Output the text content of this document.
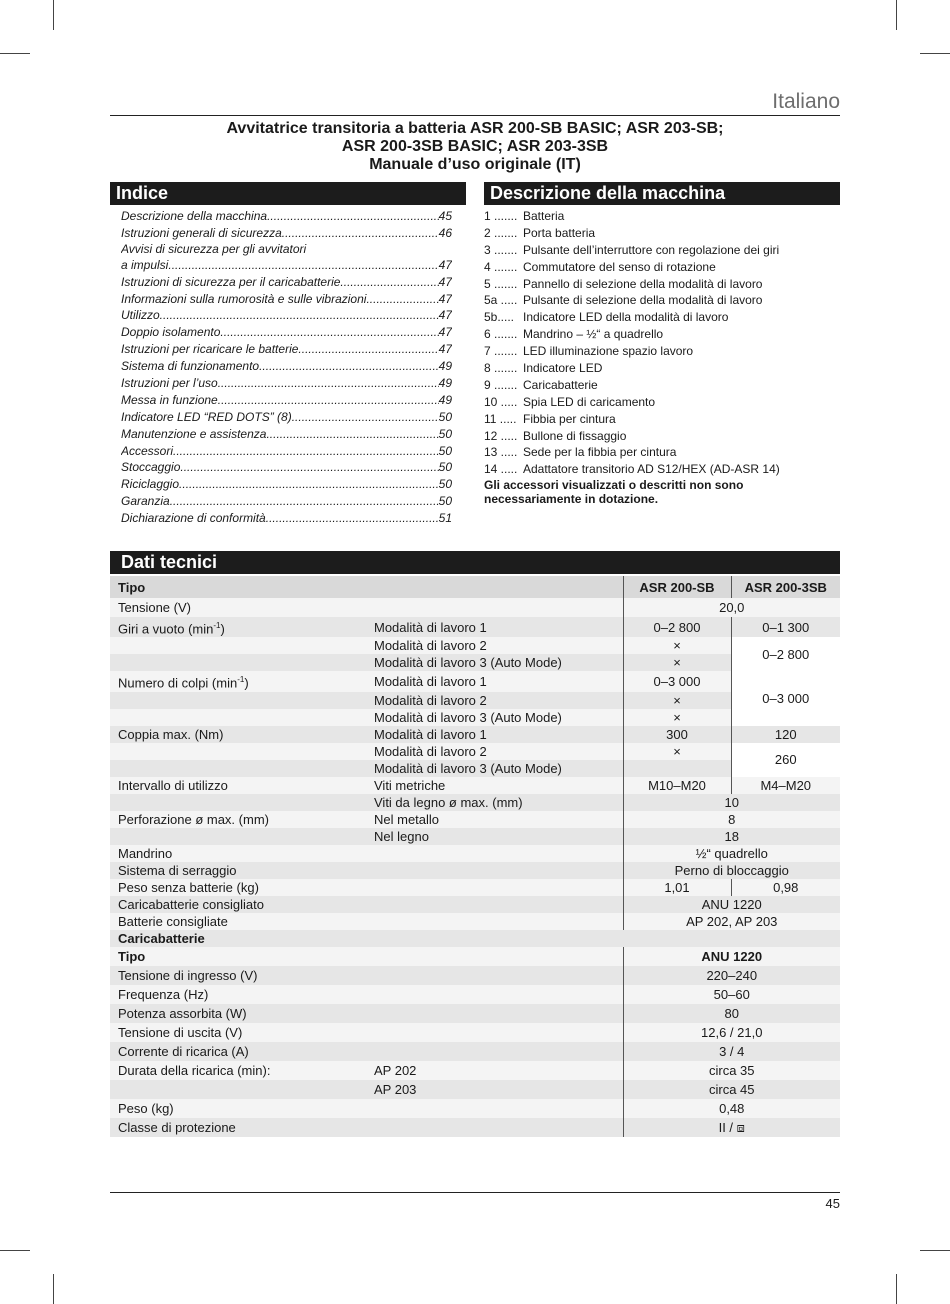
Italiano
Avvitatrice transitoria a batteria ASR 200-SB BASIC; ASR 203-SB;
ASR 200-3SB BASIC; ASR 203-3SB
Manuale d’uso originale (IT)
Indice
Descrizione della macchina .....	45
Istruzioni generali di sicurezza .....	46
Avvisi di sicurezza per gli avvitatori
a impulsi .....	47
Istruzioni di sicurezza per il caricabatterie .....	47
Informazioni sulla rumorosità e sulle vibrazioni .....	47
Utilizzo .....	47
Doppio isolamento .....	47
Istruzioni per ricaricare le batterie .....	47
Sistema di funzionamento .....	49
Istruzioni per l’uso .....	49
Messa in funzione .....	49
Indicatore LED “RED DOTS” (8) .....	50
Manutenzione e assistenza .....	50
Accessori .....	50
Stoccaggio .....	50
Riciclaggio .....	50
Garanzia .....	50
Dichiarazione di conformità .....	51
Descrizione della macchina
1 ....... Batteria
2 ....... Porta batteria
3 ....... Pulsante dell’interruttore con regolazione dei giri
4 ....... Commutatore del senso di rotazione
5 ....... Pannello di selezione della modalità di lavoro
5a ..... Pulsante di selezione della modalità di lavoro
5b..... Indicatore LED della modalità di lavoro
6 ....... Mandrino – ½“ a quadrello
7 ....... LED illuminazione spazio lavoro
8 ....... Indicatore LED
9 ....... Caricabatterie
10 ..... Spia LED di caricamento
11 ..... Fibbia per cintura
12 ..... Bullone di fissaggio
13 ..... Sede per la fibbia per cintura
14 ..... Adattatore transitorio AD S12/HEX (AD-ASR 14)
Gli accessori visualizzati o descritti non sono necessariamente in dotazione.
Dati tecnici
Tipo		ASR 200-SB	ASR 200-3SB
Tensione (V)		20,0	
Giri a vuoto $(\min^{-1})$	Modalità di lavoro 1	0–2 800	0–1 300
	Modalità di lavoro 2	×	0–2 800
	Modalità di lavoro 3 (Auto Mode)	×	
Numero di colpi $(\min^{-1})$	Modalità di lavoro 1	0–3 000	0–3 000
	Modalità di lavoro 2	×	
	Modalità di lavoro 3 (Auto Mode)	×	
Coppia max. (Nm)	Modalità di lavoro 1	300	120
	Modalità di lavoro 2	×	260
	Modalità di lavoro 3 (Auto Mode)		
Intervallo di utilizzo	Viti metriche	M10–M20	M4–M20
	Viti da legno ø max. (mm)	10	
Perforazione ø max. (mm)	Nel metallo	8	
	Nel legno	18	
Mandrino		½“ quadrello	
Sistema di serraggio		Perno di bloccaggio	
Peso senza batterie (kg)		1,01	0,98
Caricabatterie consigliato		ANU 1220	
Batterie consigliate		AP 202, AP 203	
Caricabatterie			
Tipo		ANU 1220	
Tensione di ingresso (V)		220–240	
Frequenza (Hz)		50–60	
Potenza assorbita (W)		80	
Tensione di uscita (V)		12,6 / 21,0	
Corrente di ricarica (A)		3 / 4	
Durata della ricarica (min):	AP 202	circa 35	
	AP 203	circa 45	
Peso (kg)		0,48	
Classe di protezione		II / ⧈	
45
